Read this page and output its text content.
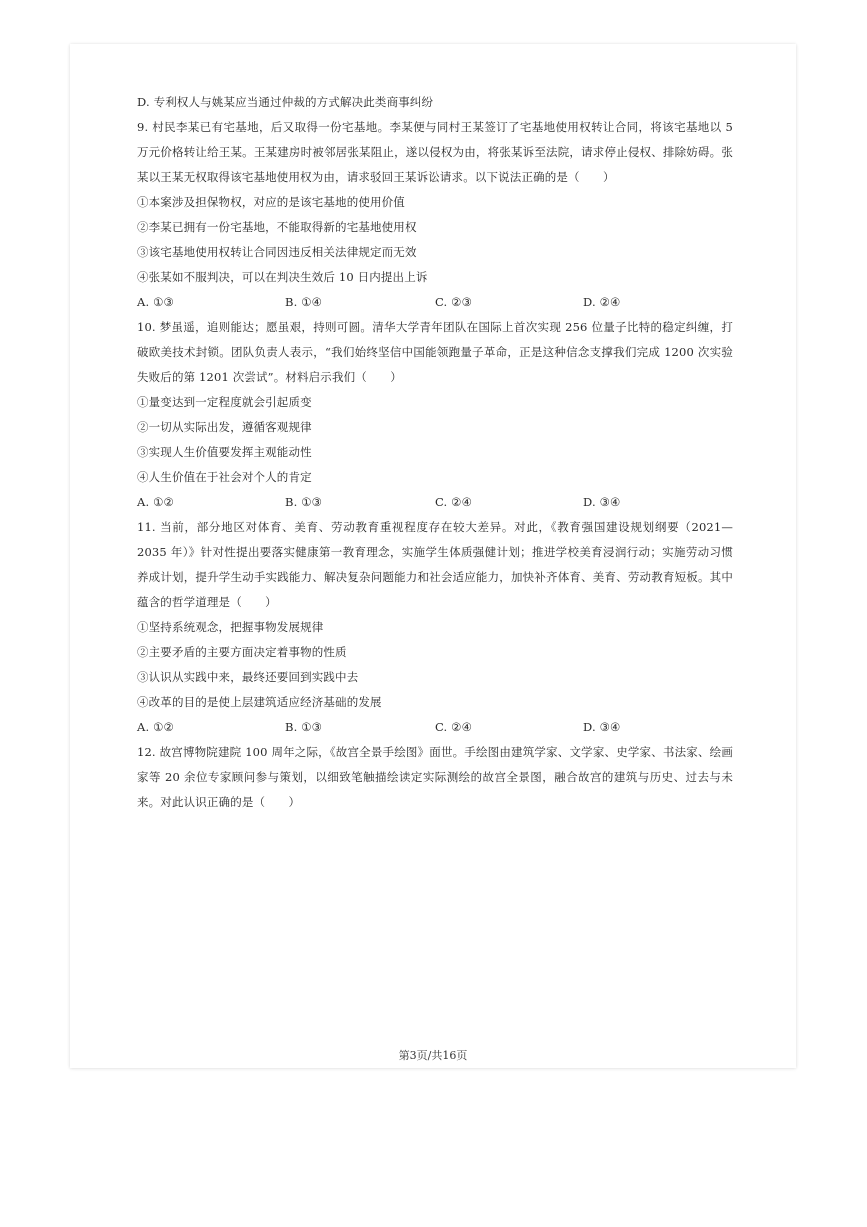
D. 专利权人与姚某应当通过仲裁的方式解决此类商事纠纷

9. 村民李某已有宅基地，后又取得一份宅基地。李某便与同村王某签订了宅基地使用权转让合同，将该宅基地以 5 万元价格转让给王某。王某建房时被邻居张某阻止，遂以侵权为由，将张某诉至法院，请求停止侵权、排除妨碍。张某以王某无权取得该宅基地使用权为由，请求驳回王某诉讼请求。以下说法正确的是（　　）

①本案涉及担保物权，对应的是该宅基地的使用价值

②李某已拥有一份宅基地，不能取得新的宅基地使用权

③该宅基地使用权转让合同因违反相关法律规定而无效

④张某如不服判决，可以在判决生效后 10 日内提出上诉

A. ①③	B. ①④	C. ②③	D. ②④

10. 梦虽遥，追则能达；愿虽艰，持则可圆。清华大学青年团队在国际上首次实现 256 位量子比特的稳定纠缠，打破欧美技术封锁。团队负责人表示，“我们始终坚信中国能领跑量子革命，正是这种信念支撑我们完成 1200 次实验失败后的第 1201 次尝试”。材料启示我们（　　）

①量变达到一定程度就会引起质变

②一切从实际出发，遵循客观规律

③实现人生价值要发挥主观能动性

④人生价值在于社会对个人的肯定

A. ①②	B. ①③	C. ②④	D. ③④

11. 当前，部分地区对体育、美育、劳动教育重视程度存在较大差异。对此，《教育强国建设规划纲要（2021—2035 年）》针对性提出要落实健康第一教育理念，实施学生体质强健计划；推进学校美育浸润行动；实施劳动习惯养成计划，提升学生动手实践能力、解决复杂问题能力和社会适应能力，加快补齐体育、美育、劳动教育短板。其中蕴含的哲学道理是（　　）

①坚持系统观念，把握事物发展规律

②主要矛盾的主要方面决定着事物的性质

③认识从实践中来，最终还要回到实践中去

④改革的目的是使上层建筑适应经济基础的发展

A. ①②	B. ①③	C. ②④	D. ③④

12. 故宫博物院建院 100 周年之际，《故宫全景手绘图》面世。手绘图由建筑学家、文学家、史学家、书法家、绘画家等 20 余位专家顾问参与策划，以细致笔触描绘读定实际测绘的故宫全景图，融合故宫的建筑与历史、过去与未来。对此认识正确的是（　　）

第3页/共16页
